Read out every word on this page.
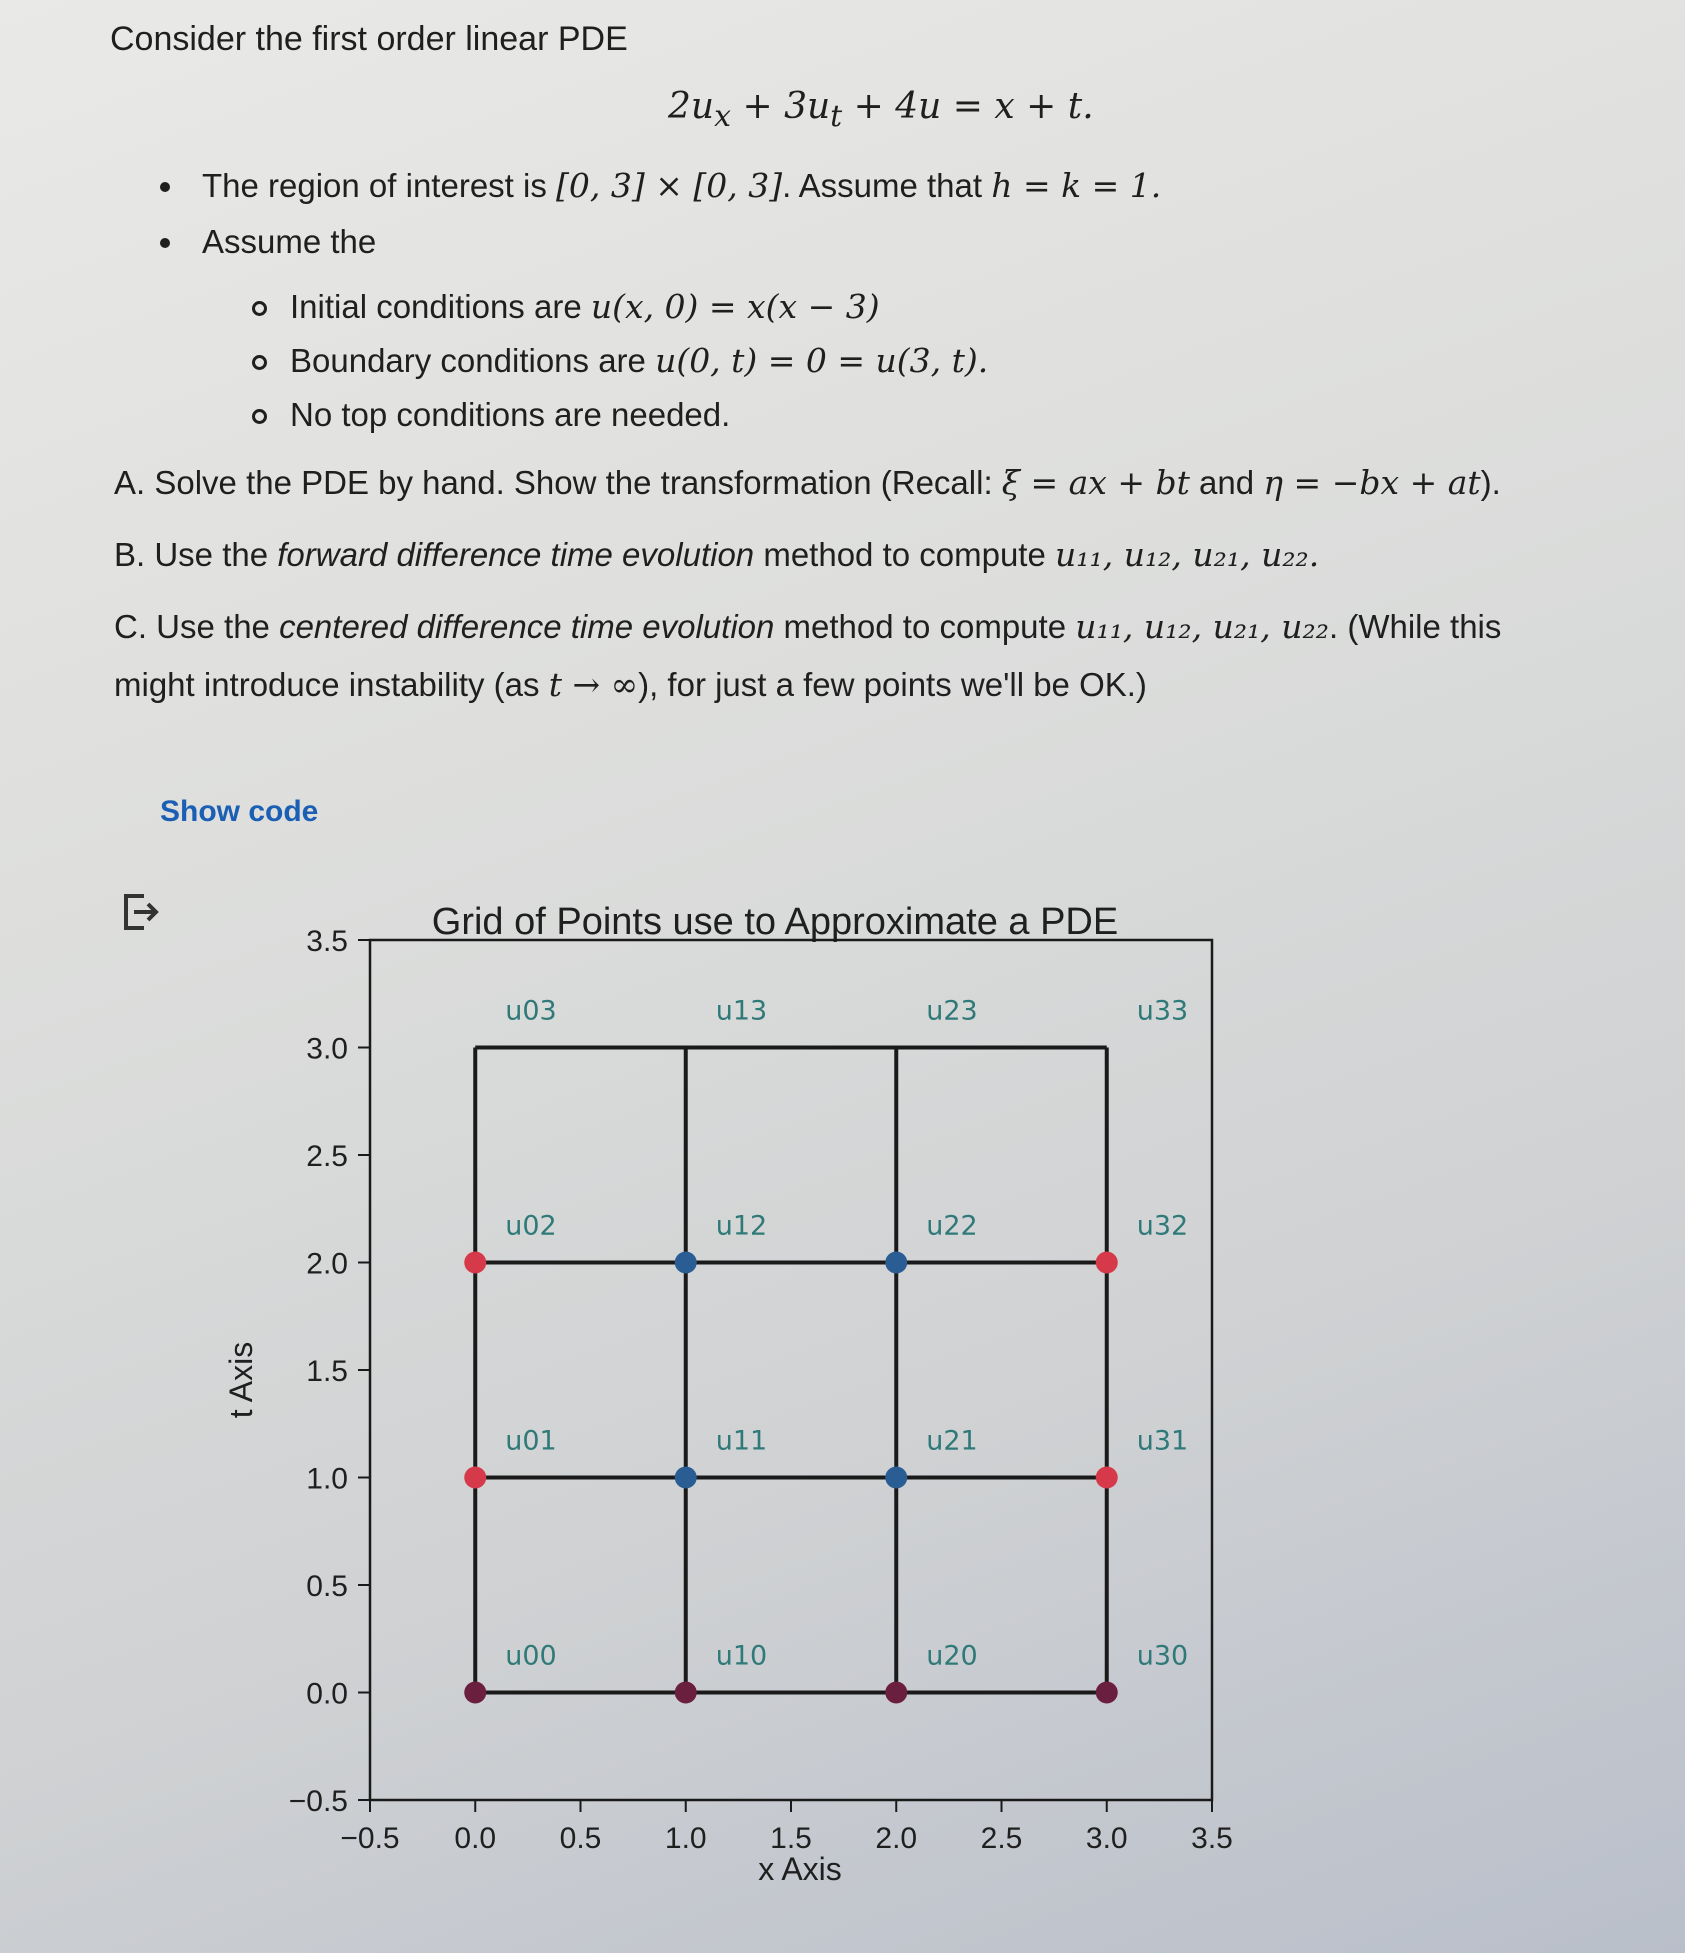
Consider the first order linear PDE
$2u_x + 3u_t + 4u = x + t$.
The region of interest is [0, 3] × [0, 3]. Assume that h = k = 1.
Assume the
Initial conditions are u(x, 0) = x(x − 3)
Boundary conditions are u(0, t) = 0 = u(3, t).
No top conditions are needed.
A. Solve the PDE by hand. Show the transformation (Recall: ξ = ax + bt and η = −bx + at).
B. Use the forward difference time evolution method to compute u₁₁, u₁₂, u₂₁, u₂₂.
C. Use the centered difference time evolution method to compute u₁₁, u₁₂, u₂₁, u₂₂. (While this
might introduce instability (as t → ∞), for just a few points we'll be OK.)
Show code
Grid of Points use to Approximate a PDE
−0.5
0.0
0.5
1.0
1.5
2.0
2.5
3.0
3.5
−0.5 0.0 0.5 1.0 1.5 2.0 2.5 3.0 3.5
u00	u10	u20	u30
u01	u11	u21	u31
u02	u12	u22	u32
u03	u13	u23	u33
x Axis
t Axis
